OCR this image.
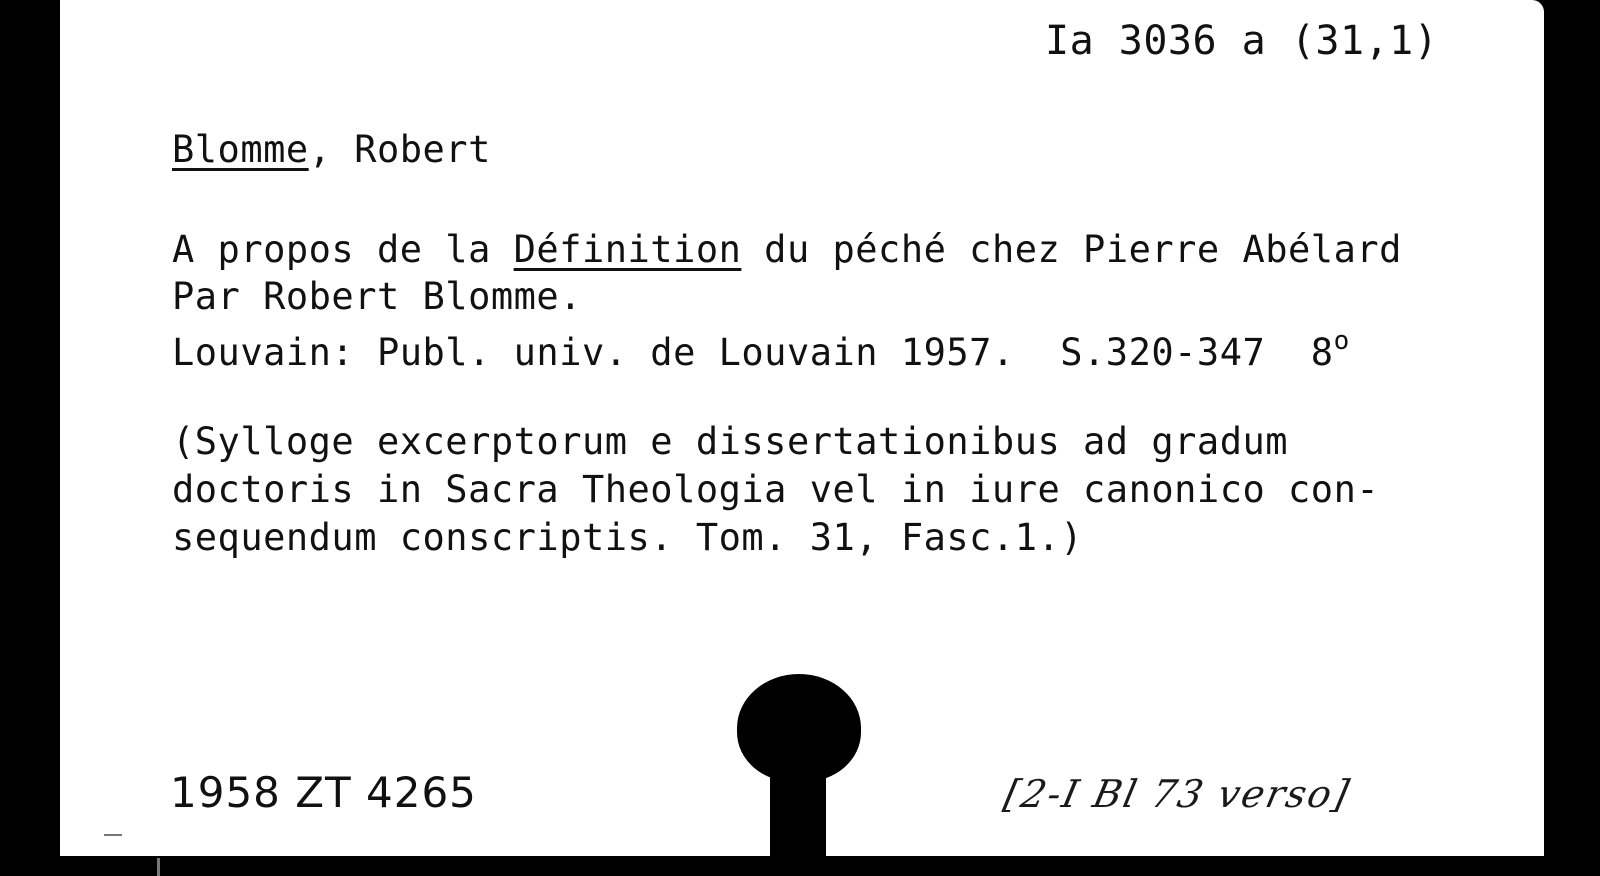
Ia 3036 a (31,1)
Blomme, Robert
A propos de la Définition du péché chez Pierre Abélard
Par Robert Blomme.
Louvain: Publ. univ. de Louvain 1957.  S.320-347  8$^o$
(Sylloge excerptorum e dissertationibus ad gradum
doctoris in Sacra Theologia vel in iure canonico con-
sequendum conscriptis. Tom. 31, Fasc.1.)
1958 ZT 4265	[2-I Bl 73 verso]
